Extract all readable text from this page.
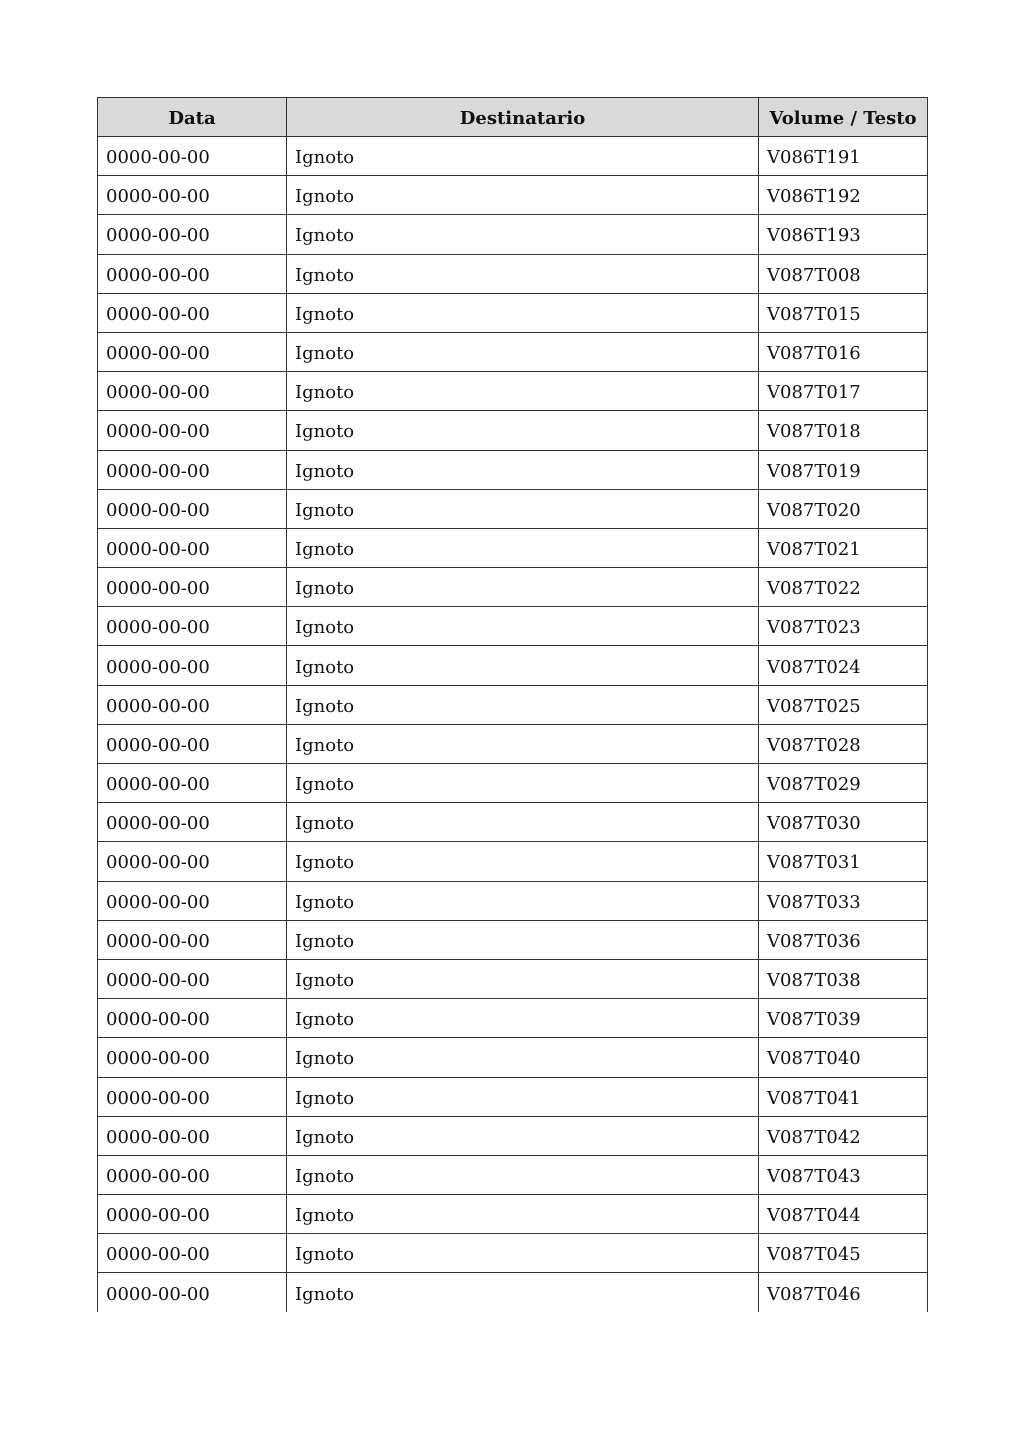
Data	Destinatario	Volume / Testo
0000-00-00	Ignoto	V086T191
0000-00-00	Ignoto	V086T192
0000-00-00	Ignoto	V086T193
0000-00-00	Ignoto	V087T008
0000-00-00	Ignoto	V087T015
0000-00-00	Ignoto	V087T016
0000-00-00	Ignoto	V087T017
0000-00-00	Ignoto	V087T018
0000-00-00	Ignoto	V087T019
0000-00-00	Ignoto	V087T020
0000-00-00	Ignoto	V087T021
0000-00-00	Ignoto	V087T022
0000-00-00	Ignoto	V087T023
0000-00-00	Ignoto	V087T024
0000-00-00	Ignoto	V087T025
0000-00-00	Ignoto	V087T028
0000-00-00	Ignoto	V087T029
0000-00-00	Ignoto	V087T030
0000-00-00	Ignoto	V087T031
0000-00-00	Ignoto	V087T033
0000-00-00	Ignoto	V087T036
0000-00-00	Ignoto	V087T038
0000-00-00	Ignoto	V087T039
0000-00-00	Ignoto	V087T040
0000-00-00	Ignoto	V087T041
0000-00-00	Ignoto	V087T042
0000-00-00	Ignoto	V087T043
0000-00-00	Ignoto	V087T044
0000-00-00	Ignoto	V087T045
0000-00-00	Ignoto	V087T046
